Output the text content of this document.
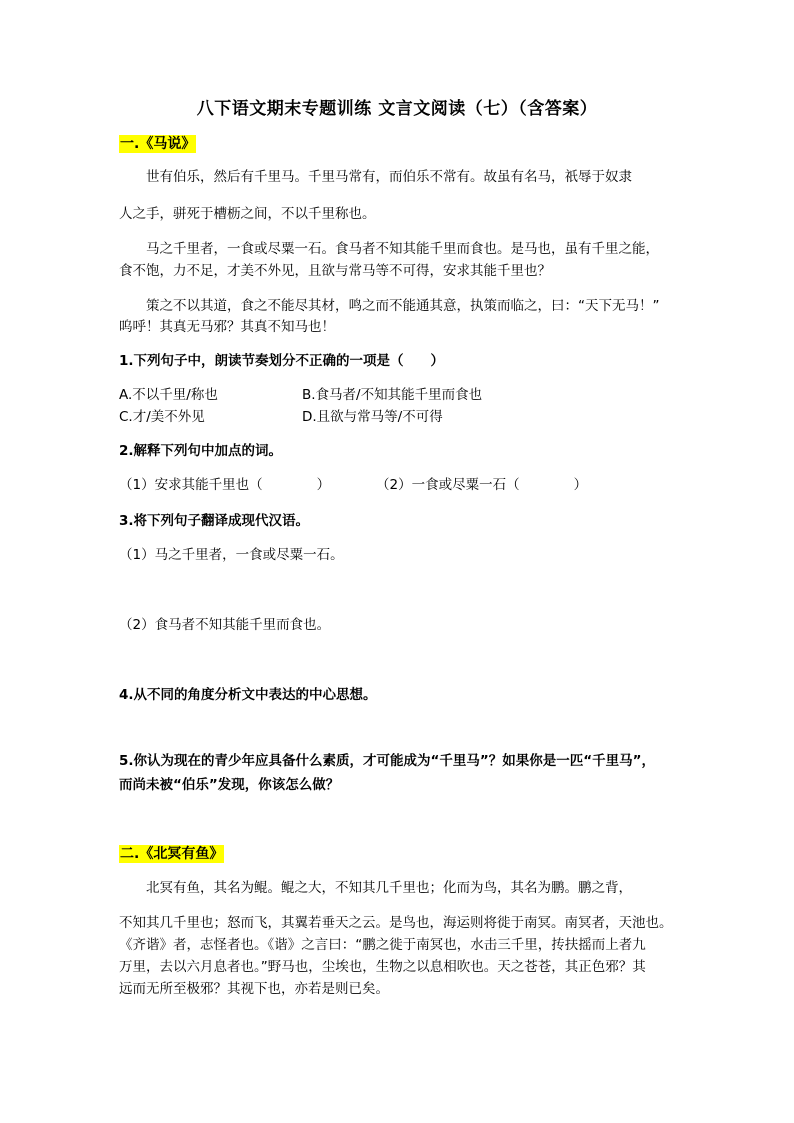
八下语文期末专题训练 文言文阅读（七）（含答案）
一.《马说》
世有伯乐，然后有千里马。千里马常有，而伯乐不常有。故虽有名马，祇辱于奴隶
人之手，骈死于槽枥之间，不以千里称也。
马之千里者，一食或尽粟一石。食马者不知其能千里而食也。是马也，虽有千里之能，
食不饱，力不足，才美不外见，且欲与常马等不可得，安求其能千里也？
策之不以其道，食之不能尽其材，鸣之而不能通其意，执策而临之，曰：“天下无马！”
呜呼！其真无马邪？其真不知马也！
1.下列句子中，朗读节奏划分不正确的一项是（　　）
A.不以千里/称也	B.食马者/不知其能千里而食也
C.才/美不外见	D.且欲与常马等/不可得
2.解释下列句中加点的词。
（1）安求其能千里也（　　　　）	（2）一食或尽粟一石（　　　　）
3.将下列句子翻译成现代汉语。
（1）马之千里者，一食或尽粟一石。
（2）食马者不知其能千里而食也。
4.从不同的角度分析文中表达的中心思想。
5.你认为现在的青少年应具备什么素质，才可能成为“千里马”？如果你是一匹“千里马”，
而尚未被“伯乐”发现，你该怎么做？
二.《北冥有鱼》
北冥有鱼，其名为鲲。鲲之大，不知其几千里也；化而为鸟，其名为鹏。鹏之背，
不知其几千里也；怒而飞，其翼若垂天之云。是鸟也，海运则将徙于南冥。南冥者，天池也。
《齐谐》者，志怪者也。《谐》之言曰：“鹏之徙于南冥也，水击三千里，抟扶摇而上者九
万里，去以六月息者也。”野马也，尘埃也，生物之以息相吹也。天之苍苍，其正色邪？其
远而无所至极邪？其视下也，亦若是则已矣。
